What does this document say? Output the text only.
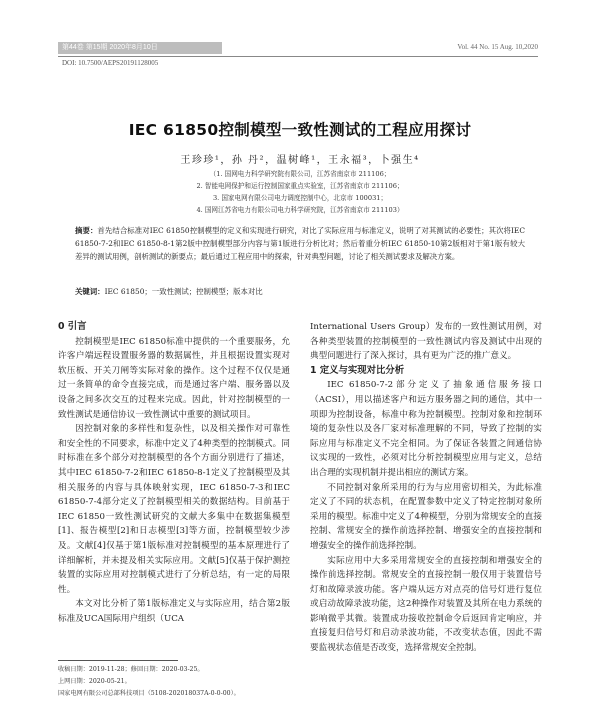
第44卷 第15期 2020年8月10日	Vol. 44 No. 15 Aug. 10,2020
DOI: 10.7500/AEPS20191128005
IEC 61850控制模型一致性测试的工程应用探讨
王珍珍¹，孙 丹²，温树峰¹，王永福³，卜强生⁴
（1. 国网电力科学研究院有限公司，江苏省南京市 211106；
2. 智能电网保护和运行控制国家重点实验室，江苏省南京市 211106；
3. 国家电网有限公司电力调度控制中心，北京市 100031；
4. 国网江苏省电力有限公司电力科学研究院，江苏省南京市 211103）
摘要：首先结合标准对IEC 61850控制模型的定义和实现进行研究，对比了实际应用与标准定义，说明了对其测试的必要性；其次将IEC 61850-7-2和IEC 61850-8-1第2版中控制模型部分内容与第1版进行分析比对；然后着重分析IEC 61850-10第2版相对于第1版有较大差异的测试用例，剖析测试的新要点；最后通过工程应用中的探索，针对典型问题，讨论了相关测试要求及解决方案。
关键词：IEC 61850；一致性测试；控制模型；版本对比

0 引言

控制模型是IEC 61850标准中提供的一个重要服务，允许客户端远程设置服务器的数据属性，并且根据设置实现对软压板、开关刀闸等实际对象的操作。这个过程不仅仅是通过一条简单的命令直接完成，而是通过客户端、服务器以及设备之间多次交互的过程来完成。因此，针对控制模型的一致性测试是通信协议一致性测试中重要的测试项目。

因控制对象的多样性和复杂性，以及相关操作对可靠性和安全性的不同要求，标准中定义了4种类型的控制模式。同时标准在多个部分对控制模型的各个方面分别进行了描述，其中IEC 61850-7-2和IEC 61850-8-1定义了控制模型及其相关服务的内容与具体映射实现，IEC 61850-7-3和IEC 61850-7-4部分定义了控制模型相关的数据结构。目前基于IEC 61850一致性测试研究的文献大多集中在数据集模型[1]、报告模型[2]和日志模型[3]等方面，控制模型较少涉及。文献[4]仅基于第1版标准对控制模型的基本原理进行了详细解析，并未提及相关实际应用。文献[5]仅基于保护测控装置的实际应用对控制模式进行了分析总结，有一定的局限性。

本文对比分析了第1版标准定义与实际应用，结合第2版标准及UCA国际用户组织（UCA

International Users Group）发布的一致性测试用例，对各种类型装置的控制模型的一致性测试内容及测试中出现的典型问题进行了深入探讨，具有更为广泛的推广意义。

1 定义与实现对比分析

IEC 61850-7-2部分定义了抽象通信服务接口（ACSI），用以描述客户和远方服务器之间的通信，其中一项即为控制设备，标准中称为控制模型。控制对象和控制环境的复杂性以及各厂家对标准理解的不同，导致了控制的实际应用与标准定义不完全相同。为了保证各装置之间通信协议实现的一致性，必须对比分析控制模型应用与定义，总结出合理的实现机制并提出相应的测试方案。

不同控制对象所采用的行为与应用密切相关，为此标准定义了不同的状态机，在配置参数中定义了特定控制对象所采用的模型。标准中定义了4种模型，分别为常规安全的直接控制、常规安全的操作前选择控制、增强安全的直接控制和增强安全的操作前选择控制。

实际应用中大多采用常规安全的直接控制和增强安全的操作前选择控制。常规安全的直接控制一般仅用于装置信号灯和故障录波功能。客户端从远方对点亮的信号灯进行复位或启动故障录波功能，这2种操作对装置及其所在电力系统的影响微乎其微。装置成功接收控制命令后返回肯定响应，并直接复归信号灯和启动录波功能，不改变状态值，因此不需要监视状态值是否改变，选择常规安全控制。

收稿日期：2019-11-28；修回日期：2020-03-25。
上网日期：2020-05-21。
国家电网有限公司总部科技项目（5108-202018037A-0-0-00）。
